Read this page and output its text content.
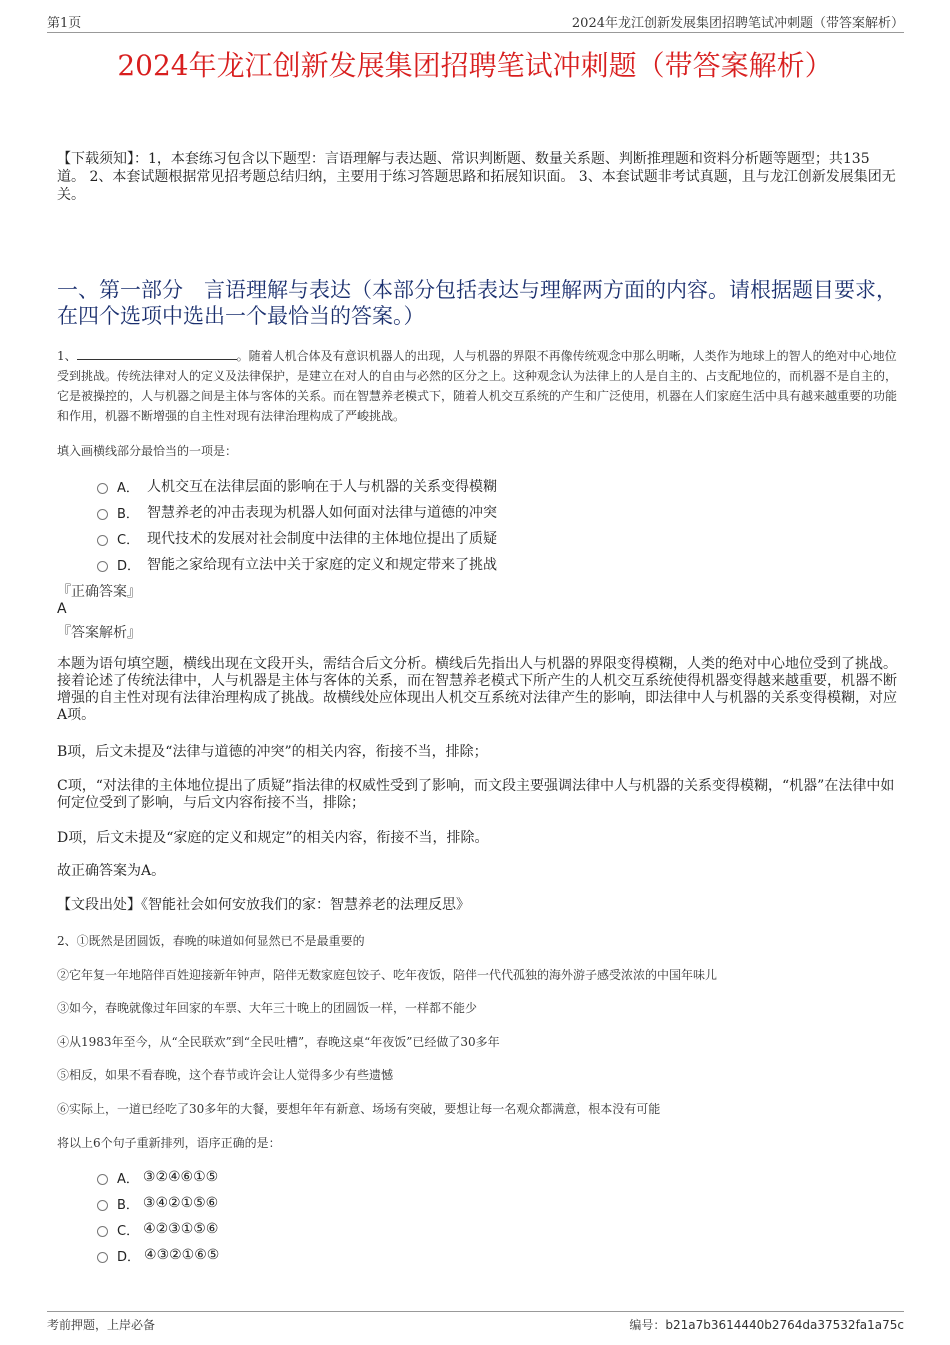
第1页	2024年龙江创新发展集团招聘笔试冲刺题（带答案解析）
2024年龙江创新发展集团招聘笔试冲刺题（带答案解析）
【下载须知】：1，本套练习包含以下题型：言语理解与表达题、常识判断题、数量关系题、判断推理题和资料分析题等题型；共135道。 2、本套试题根据常见招考题总结归纳，主要用于练习答题思路和拓展知识面。 3、本套试题非考试真题，且与龙江创新发展集团无关。
一、第一部分　言语理解与表达（本部分包括表达与理解两方面的内容。请根据题目要求，在四个选项中选出一个最恰当的答案。）
1、	。随着人机合体及有意识机器人的出现，人与机器的界限不再像传统观念中那么明晰，人类作为地球上的智人的绝对中心地位受到挑战。传统法律对人的定义及法律保护，是建立在对人的自由与必然的区分之上。这种观念认为法律上的人是自主的、占支配地位的，而机器不是自主的，它是被操控的，人与机器之间是主体与客体的关系。而在智慧养老模式下，随着人机交互系统的产生和广泛使用，机器在人们家庭生活中具有越来越重要的功能和作用，机器不断增强的自主性对现有法律治理构成了严峻挑战。
填入画横线部分最恰当的一项是：
A． 人机交互在法律层面的影响在于人与机器的关系变得模糊
B． 智慧养老的冲击表现为机器人如何面对法律与道德的冲突
C． 现代技术的发展对社会制度中法律的主体地位提出了质疑
D． 智能之家给现有立法中关于家庭的定义和规定带来了挑战
『正确答案』
A
『答案解析』
本题为语句填空题，横线出现在文段开头，需结合后文分析。横线后先指出人与机器的界限变得模糊，人类的绝对中心地位受到了挑战。接着论述了传统法律中，人与机器是主体与客体的关系，而在智慧养老模式下所产生的人机交互系统使得机器变得越来越重要，机器不断增强的自主性对现有法律治理构成了挑战。故横线处应体现出人机交互系统对法律产生的影响，即法律中人与机器的关系变得模糊，对应A项。
B项，后文未提及“法律与道德的冲突”的相关内容，衔接不当，排除；
C项，“对法律的主体地位提出了质疑”指法律的权威性受到了影响，而文段主要强调法律中人与机器的关系变得模糊，“机器”在法律中如何定位受到了影响，与后文内容衔接不当，排除；
D项，后文未提及“家庭的定义和规定”的相关内容，衔接不当，排除。
故正确答案为A。
【文段出处】《智能社会如何安放我们的家：智慧养老的法理反思》
2、①既然是团圆饭，春晚的味道如何显然已不是最重要的
②它年复一年地陪伴百姓迎接新年钟声，陪伴无数家庭包饺子、吃年夜饭，陪伴一代代孤独的海外游子感受浓浓的中国年味儿
③如今，春晚就像过年回家的车票、大年三十晚上的团圆饭一样，一样都不能少
④从1983年至今，从“全民联欢”到“全民吐槽”，春晚这桌“年夜饭”已经做了30多年
⑤相反，如果不看春晚，这个春节或许会让人觉得多少有些遗憾
⑥实际上，一道已经吃了30多年的大餐，要想年年有新意、场场有突破，要想让每一名观众都满意，根本没有可能
将以上6个句子重新排列，语序正确的是：
A． ③②④⑥①⑤
B． ③④②①⑤⑥
C． ④②③①⑤⑥
D． ④③②①⑥⑤
考前押题，上岸必备	编号：b21a7b3614440b2764da37532fa1a75c
